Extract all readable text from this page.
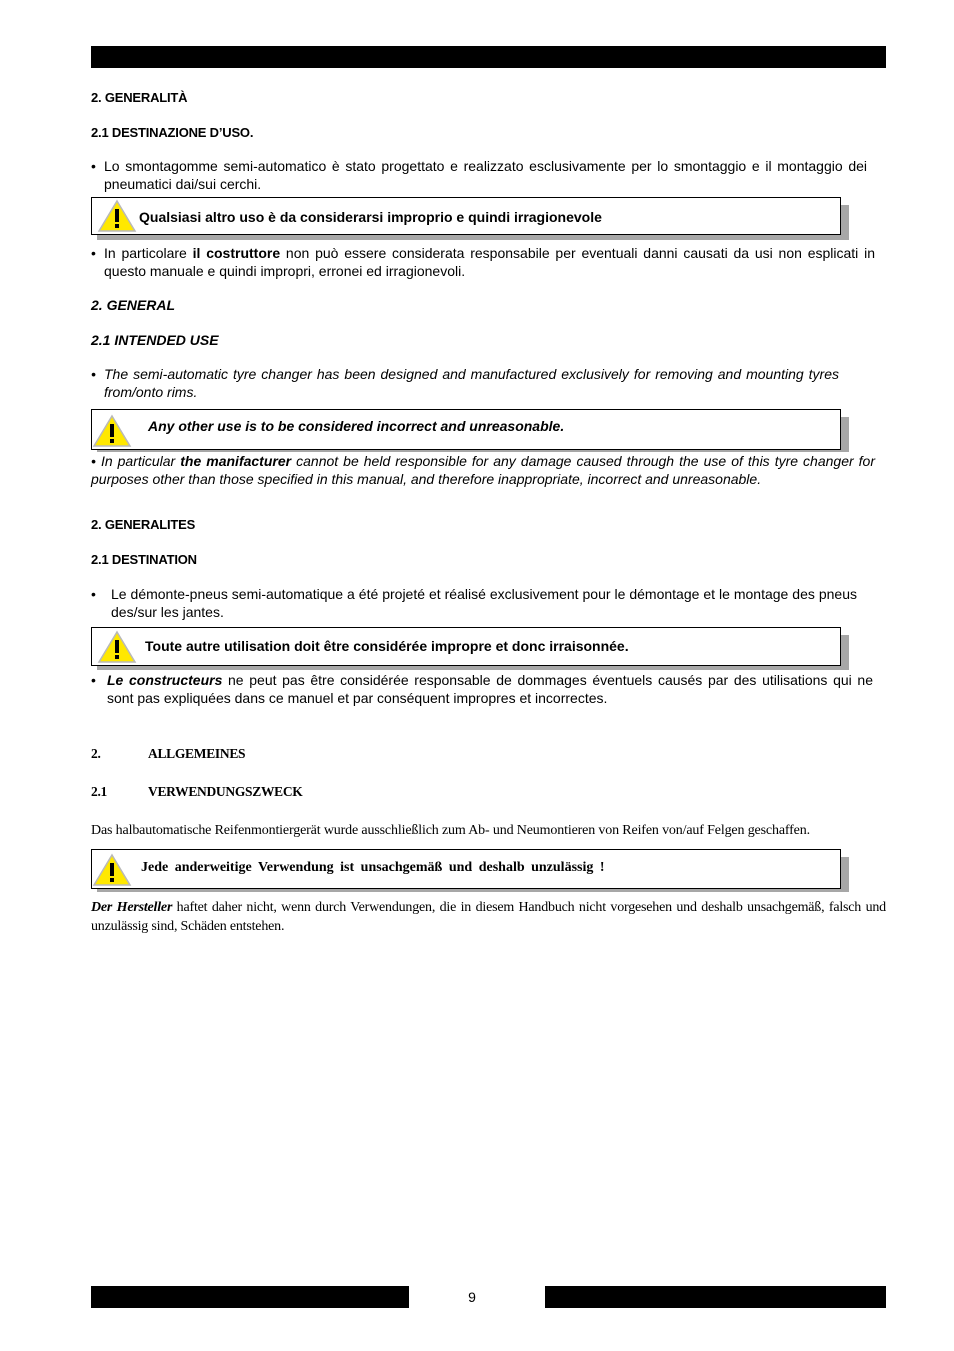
2. GENERALITÀ
2.1 DESTINAZIONE D’USO.
• Lo smontagomme semi-automatico è stato progettato e realizzato esclusivamente per lo smontaggio e il montaggio dei pneumatici dai/sui cerchi.
Qualsiasi altro uso è da considerarsi improprio e quindi irragionevole
• In particolare il costruttore non può essere considerata responsabile per eventuali danni causati da usi non esplicati in questo manuale e quindi impropri, erronei ed irragionevoli.
2. GENERAL
2.1 INTENDED USE
• The semi-automatic tyre changer has been designed and manufactured exclusively for removing and mounting tyres from/onto rims.
Any other use is to be considered incorrect and unreasonable.
• In particular the manifacturer cannot be held responsible for any damage caused through the use of this tyre changer for purposes other than those specified in this manual, and therefore inappropriate, incorrect and unreasonable.
2. GENERALITES
2.1 DESTINATION
• Le démonte-pneus semi-automatique a été projeté et réalisé exclusivement pour le démontage et le montage des pneus des/sur les jantes.
Toute autre utilisation doit être considérée impropre et donc irraisonnée.
• Le constructeurs ne peut pas être considérée responsable de dommages éventuels causés par des utilisations qui ne sont pas expliquées dans ce manuel et par conséquent impropres et incorrectes.
2.	ALLGEMEINES
2.1	VERWENDUNGSZWECK
Das halbautomatische Reifenmontiergerät wurde ausschließlich zum Ab- und Neumontieren von Reifen von/auf Felgen geschaffen.
Jede anderweitige Verwendung ist unsachgemäß und deshalb unzulässig !
Der Hersteller haftet daher nicht, wenn durch Verwendungen, die in diesem Handbuch nicht vorgesehen und deshalb unsachgemäß, falsch und unzulässig sind, Schäden entstehen.
9
